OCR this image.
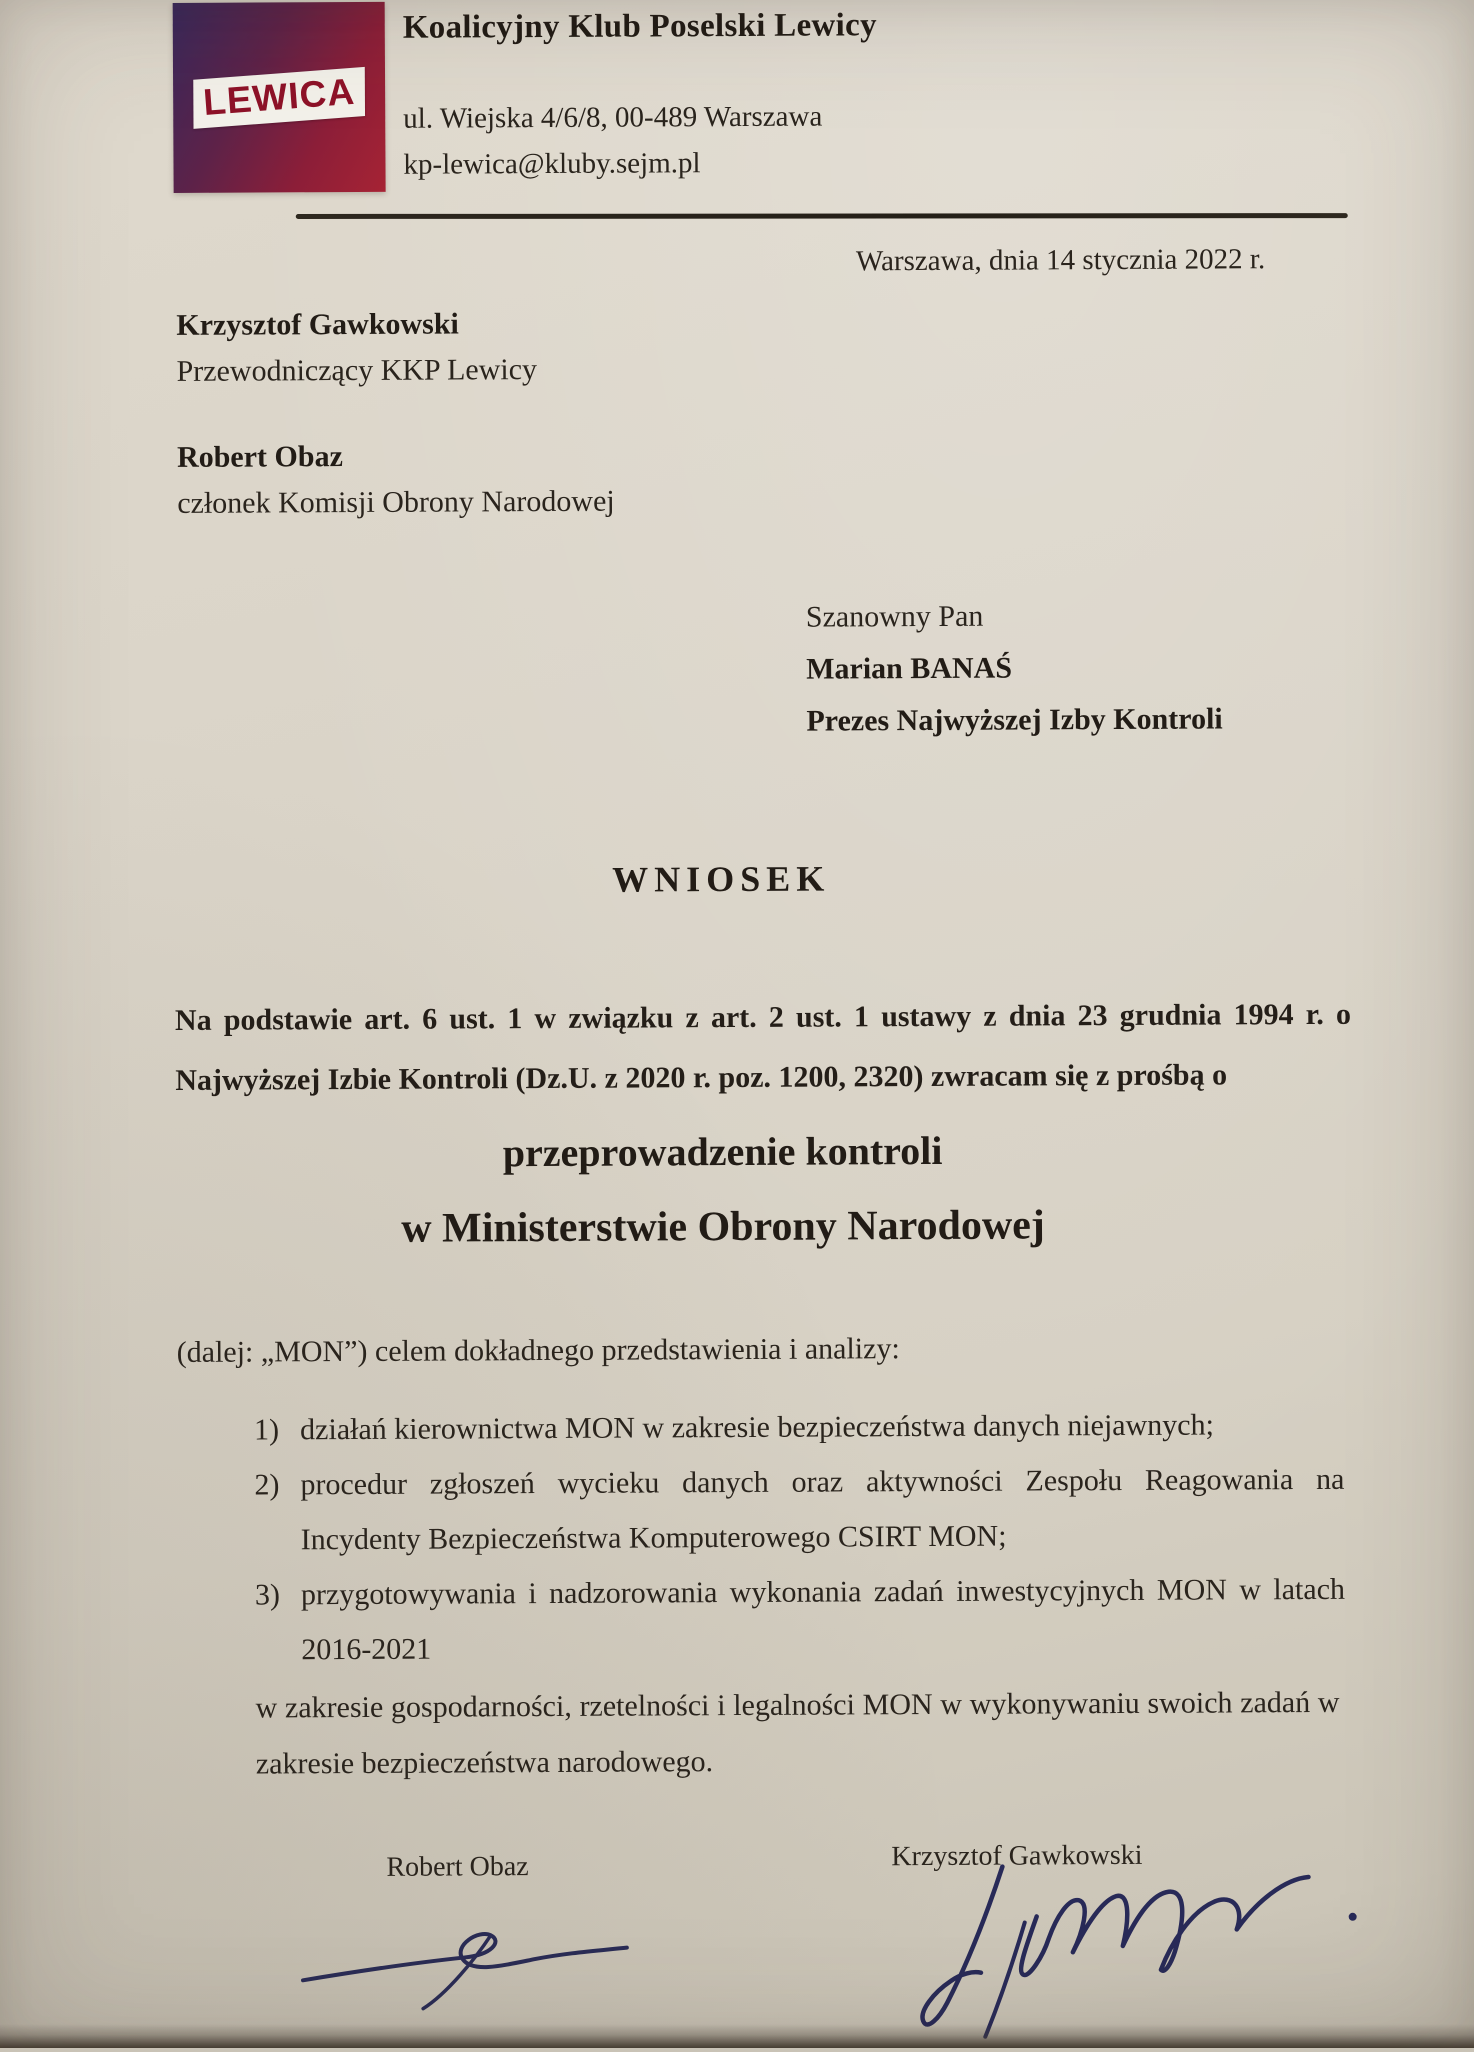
LEWICA
Koalicyjny Klub Poselski Lewicy
ul. Wiejska 4/6/8, 00-489 Warszawa
kp-lewica@kluby.sejm.pl
Warszawa, dnia 14 stycznia 2022 r.
Krzysztof Gawkowski
Przewodniczący KKP Lewicy
Robert Obaz
członek Komisji Obrony Narodowej
Szanowny Pan
Marian BANAŚ
Prezes Najwyższej Izby Kontroli
WNIOSEK

Na podstawie art. 6 ust. 1 w związku z art. 2 ust. 1 ustawy z dnia 23 grudnia 1994 r. o Najwyższej Izbie Kontroli (Dz.U. z 2020 r. poz. 1200, 2320) zwracam się z prośbą o

przeprowadzenie kontroli
w Ministerstwie Obrony Narodowej

(dalej: „MON”) celem dokładnego przedstawienia i analizy:

1) działań kierownictwa MON w zakresie bezpieczeństwa danych niejawnych;
2) procedur zgłoszeń wycieku danych oraz aktywności Zespołu Reagowania na Incydenty Bezpieczeństwa Komputerowego CSIRT MON;
3) przygotowywania i nadzorowania wykonania zadań inwestycyjnych MON w latach 2016-2021

w zakresie gospodarności, rzetelności i legalności MON w wykonywaniu swoich zadań w zakresie bezpieczeństwa narodowego.

Robert Obaz	Krzysztof Gawkowski
